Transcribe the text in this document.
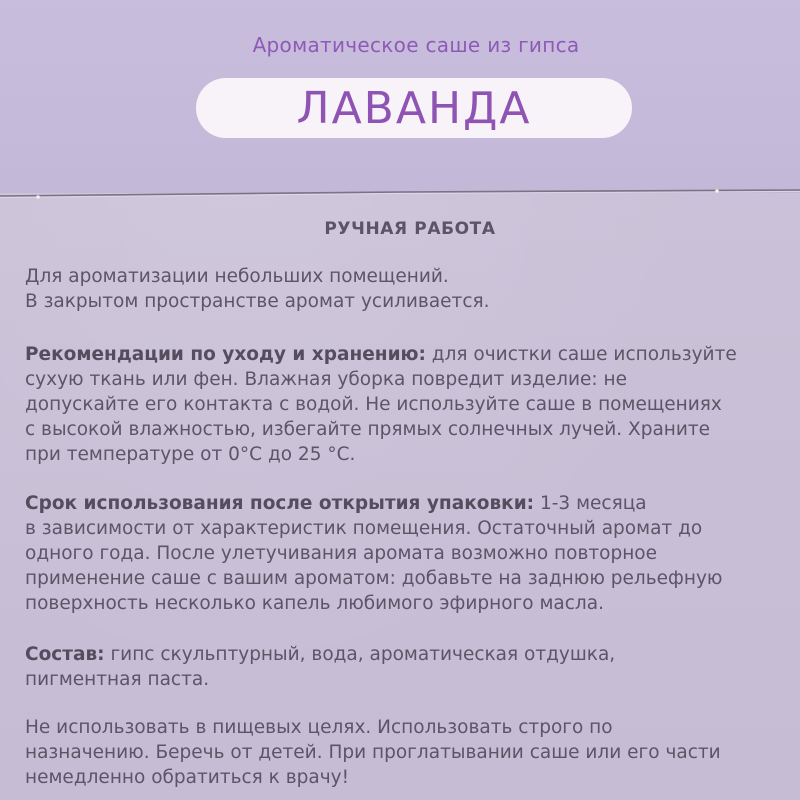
Ароматическое саше из гипса
ЛАВАНДА
РУЧНАЯ РАБОТА
Для ароматизации небольших помещений.
В закрытом пространстве аромат усиливается.
Рекомендации по уходу и хранению: для очистки саше используйте
сухую ткань или фен. Влажная уборка повредит изделие: не
допускайте его контакта с водой. Не используйте саше в помещениях
с высокой влажностью, избегайте прямых солнечных лучей. Храните
при температуре от 0°C до 25 °C.
Срок использования после открытия упаковки: 1-3 месяца
в зависимости от характеристик помещения. Остаточный аромат до
одного года. После улетучивания аромата возможно повторное
применение саше с вашим ароматом: добавьте на заднюю рельефную
поверхность несколько капель любимого эфирного масла.
Состав: гипс скульптурный, вода, ароматическая отдушка,
пигментная паста.
Не использовать в пищевых целях. Использовать строго по
назначению. Беречь от детей. При проглатывании саше или его части
немедленно обратиться к врачу!
